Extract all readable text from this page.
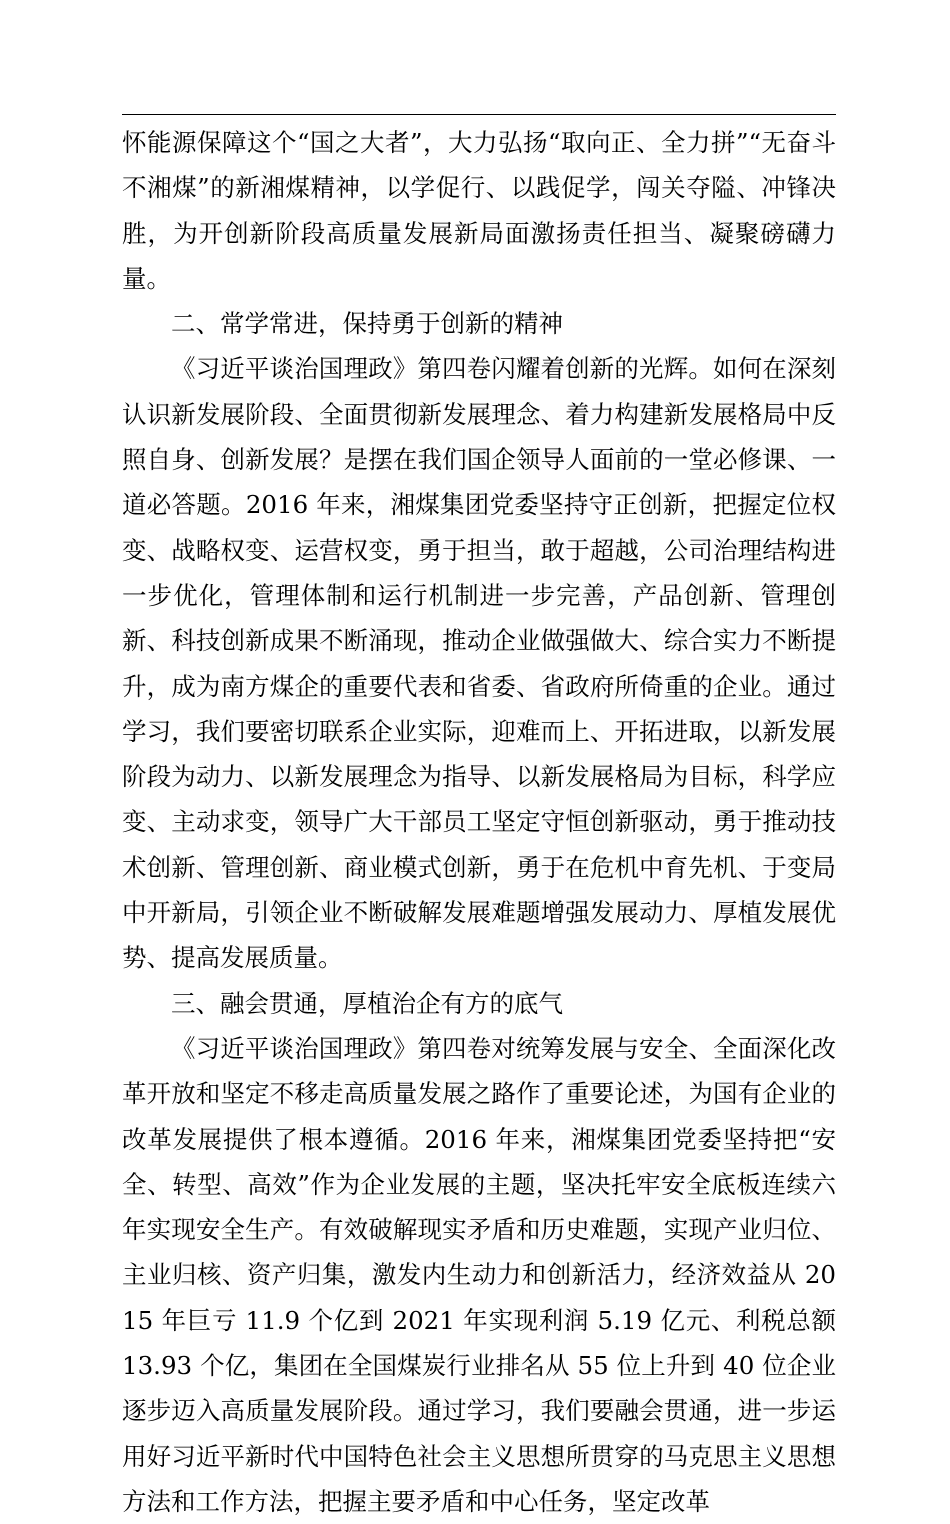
怀能源保障这个“国之大者”，大力弘扬“取向正、全力拼”“无奋斗不湘煤”的新湘煤精神，以学促行、以践促学，闯关夺隘、冲锋决胜，为开创新阶段高质量发展新局面激扬责任担当、凝聚磅礴力量。

二、常学常进，保持勇于创新的精神

《习近平谈治国理政》第四卷闪耀着创新的光辉。如何在深刻认识新发展阶段、全面贯彻新发展理念、着力构建新发展格局中反照自身、创新发展？是摆在我们国企领导人面前的一堂必修课、一道必答题。2016 年来，湘煤集团党委坚持守正创新，把握定位权变、战略权变、运营权变，勇于担当，敢于超越，公司治理结构进一步优化，管理体制和运行机制进一步完善，产品创新、管理创新、科技创新成果不断涌现，推动企业做强做大、综合实力不断提升，成为南方煤企的重要代表和省委、省政府所倚重的企业。通过学习，我们要密切联系企业实际，迎难而上、开拓进取，以新发展阶段为动力、以新发展理念为指导、以新发展格局为目标，科学应变、主动求变，领导广大干部员工坚定守恒创新驱动，勇于推动技术创新、管理创新、商业模式创新，勇于在危机中育先机、于变局中开新局，引领企业不断破解发展难题增强发展动力、厚植发展优势、提高发展质量。

三、融会贯通，厚植治企有方的底气

《习近平谈治国理政》第四卷对统筹发展与安全、全面深化改革开放和坚定不移走高质量发展之路作了重要论述，为国有企业的改革发展提供了根本遵循。2016 年来，湘煤集团党委坚持把“安全、转型、高效”作为企业发展的主题，坚决托牢安全底板连续六年实现安全生产。有效破解现实矛盾和历史难题，实现产业归位、主业归核、资产归集，激发内生动力和创新活力，经济效益从 2015 年巨亏 11.9 个亿到 2021 年实现利润 5.19 亿元、利税总额 13.93 个亿，集团在全国煤炭行业排名从 55 位上升到 40 位企业逐步迈入高质量发展阶段。通过学习，我们要融会贯通，进一步运用好习近平新时代中国特色社会主义思想所贯穿的马克思主义思想方法和工作方法，把握主要矛盾和中心任务，坚定改革
